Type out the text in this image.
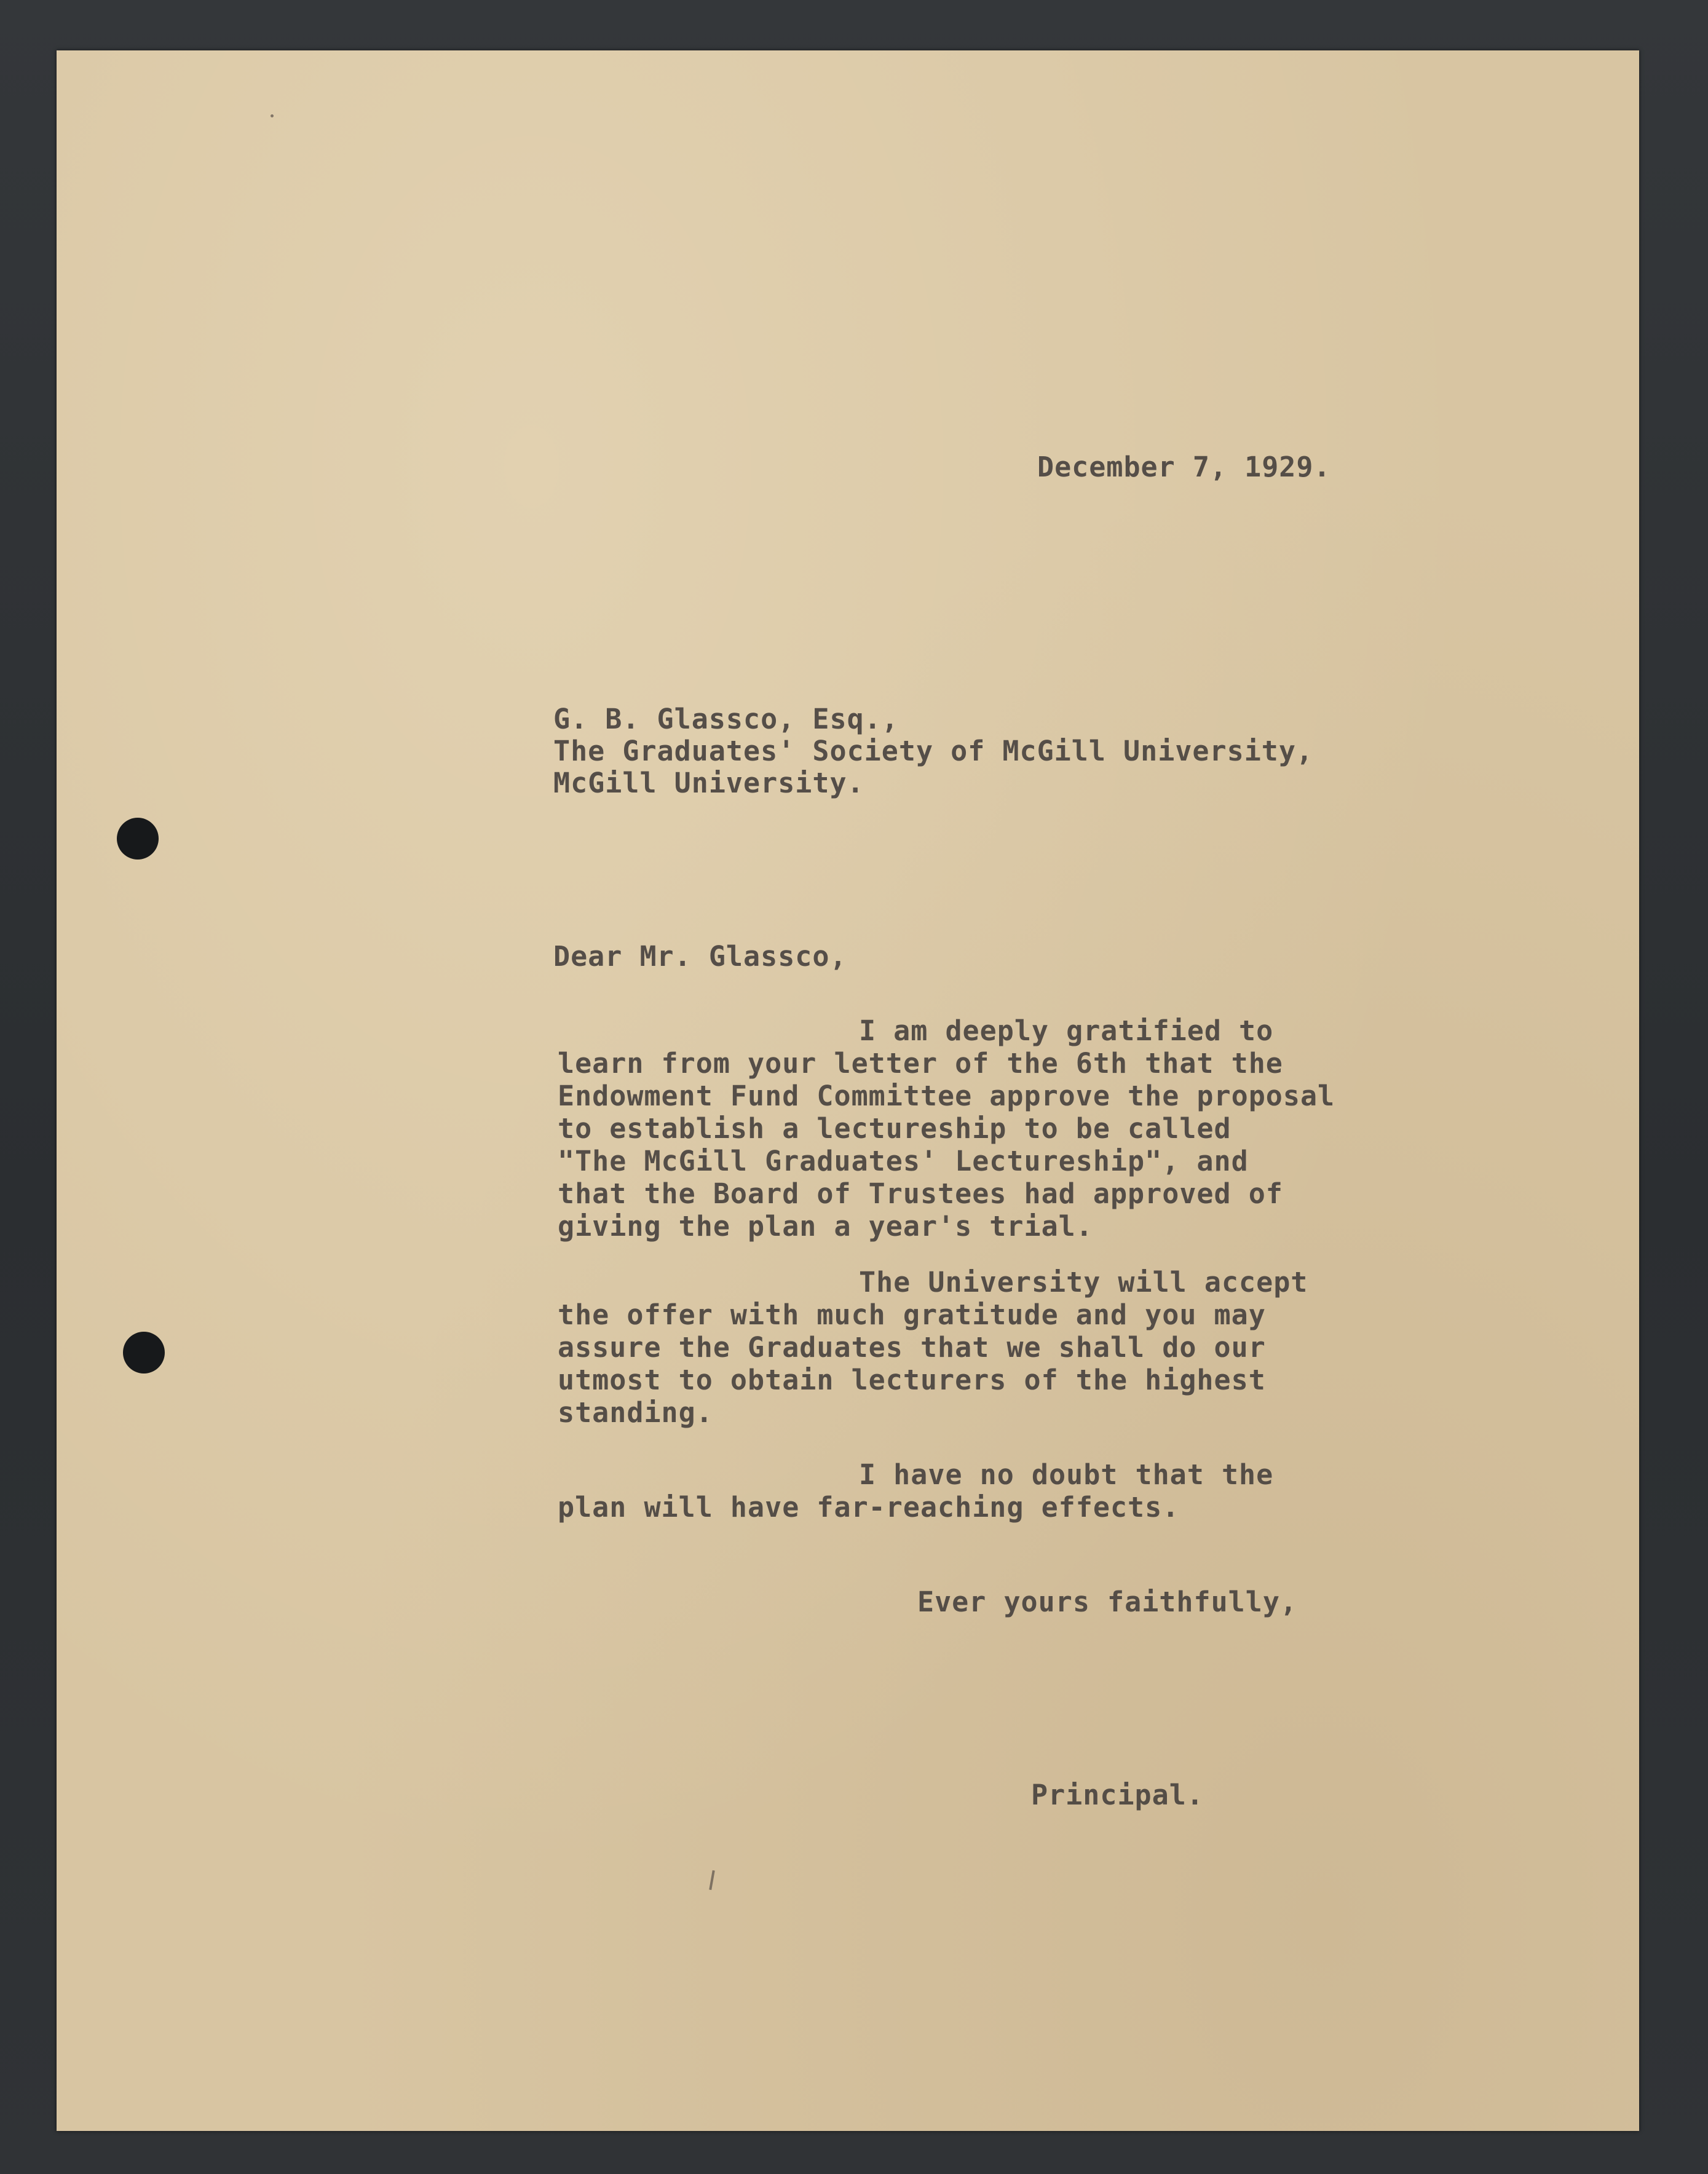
December 7, 1929.
G. B. Glassco, Esq.,
The Graduates' Society of McGill University,
McGill University.
Dear Mr. Glassco,
I am deeply gratified to
learn from your letter of the 6th that the
Endowment Fund Committee approve the proposal
to establish a lectureship to be called
"The McGill Graduates' Lectureship", and
that the Board of Trustees had approved of
giving the plan a year's trial.
The University will accept
the offer with much gratitude and you may
assure the Graduates that we shall do our
utmost to obtain lecturers of the highest
standing.
I have no doubt that the
plan will have far-reaching effects.
Ever yours faithfully,
Principal.
